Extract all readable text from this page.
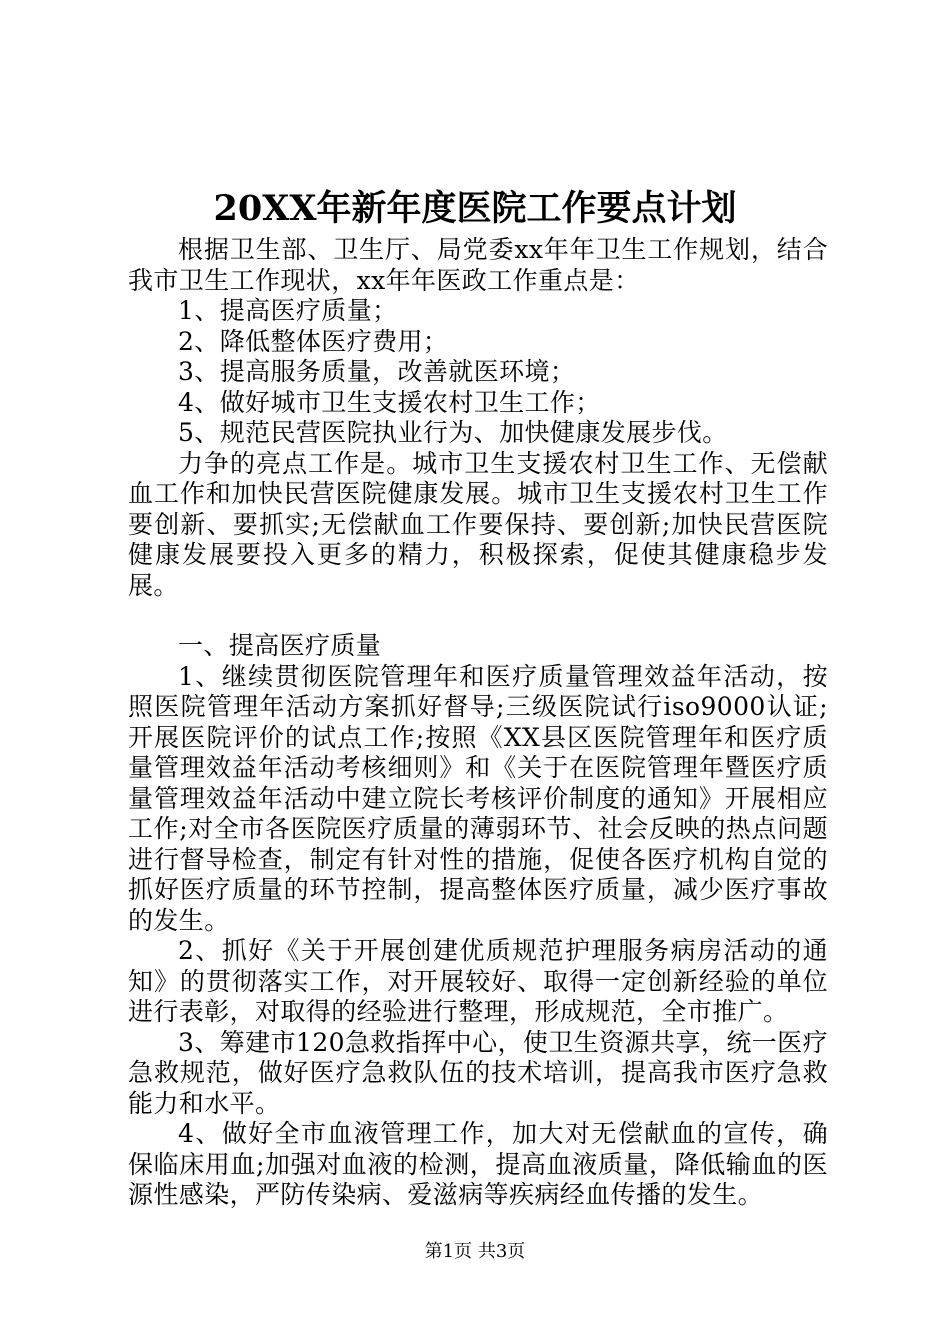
20XX年新年度医院工作要点计划

根据卫生部、卫生厅、局党委xx年年卫生工作规划，结合我市卫生工作现状，xx年年医政工作重点是：

1、提高医疗质量；

2、降低整体医疗费用；

3、提高服务质量，改善就医环境；

4、做好城市卫生支援农村卫生工作；

5、规范民营医院执业行为、加快健康发展步伐。

力争的亮点工作是。城市卫生支援农村卫生工作、无偿献血工作和加快民营医院健康发展。城市卫生支援农村卫生工作要创新、要抓实;无偿献血工作要保持、要创新;加快民营医院健康发展要投入更多的精力，积极探索，促使其健康稳步发展。

一、提高医疗质量

1、继续贯彻医院管理年和医疗质量管理效益年活动，按照医院管理年活动方案抓好督导;三级医院试行iso9000认证;开展医院评价的试点工作;按照《XX县区医院管理年和医疗质量管理效益年活动考核细则》和《关于在医院管理年暨医疗质量管理效益年活动中建立院长考核评价制度的通知》开展相应工作;对全市各医院医疗质量的薄弱环节、社会反映的热点问题进行督导检查，制定有针对性的措施，促使各医疗机构自觉的抓好医疗质量的环节控制，提高整体医疗质量，减少医疗事故的发生。

2、抓好《关于开展创建优质规范护理服务病房活动的通知》的贯彻落实工作，对开展较好、取得一定创新经验的单位进行表彰，对取得的经验进行整理，形成规范，全市推广。

3、筹建市120急救指挥中心，使卫生资源共享，统一医疗急救规范，做好医疗急救队伍的技术培训，提高我市医疗急救能力和水平。

4、做好全市血液管理工作，加大对无偿献血的宣传，确保临床用血;加强对血液的检测，提高血液质量，降低输血的医源性感染，严防传染病、爱滋病等疾病经血传播的发生。

第1页 共3页
